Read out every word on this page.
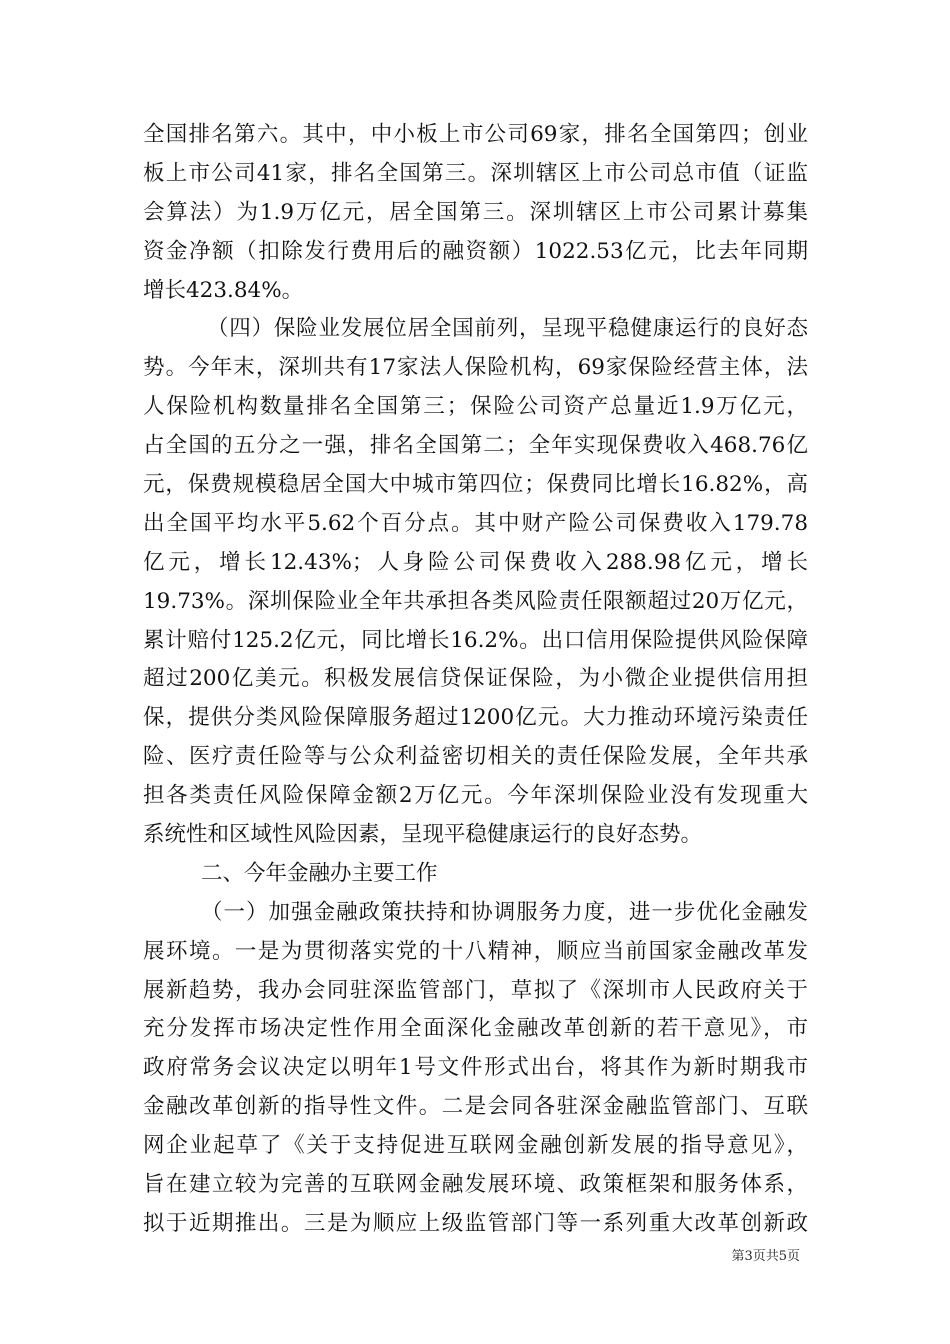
全国排名第六。其中，中小板上市公司69家，排名全国第四；创业
板上市公司41家，排名全国第三。深圳辖区上市公司总市值（证监
会算法）为1.9万亿元，居全国第三。深圳辖区上市公司累计募集
资金净额（扣除发行费用后的融资额）1022.53亿元，比去年同期
增长423.84%。
（四）保险业发展位居全国前列，呈现平稳健康运行的良好态
势。今年末，深圳共有17家法人保险机构，69家保险经营主体，法
人保险机构数量排名全国第三；保险公司资产总量近1.9万亿元，
占全国的五分之一强，排名全国第二；全年实现保费收入468.76亿
元，保费规模稳居全国大中城市第四位；保费同比增长16.82%，高
出全国平均水平5.62个百分点。其中财产险公司保费收入179.78
亿元，增长12.43%；人身险公司保费收入288.98亿元，增长
19.73%。深圳保险业全年共承担各类风险责任限额超过20万亿元，
累计赔付125.2亿元，同比增长16.2%。出口信用保险提供风险保障
超过200亿美元。积极发展信贷保证保险，为小微企业提供信用担
保，提供分类风险保障服务超过1200亿元。大力推动环境污染责任
险、医疗责任险等与公众利益密切相关的责任保险发展，全年共承
担各类责任风险保障金额2万亿元。今年深圳保险业没有发现重大
系统性和区域性风险因素，呈现平稳健康运行的良好态势。
二、今年金融办主要工作
（一）加强金融政策扶持和协调服务力度，进一步优化金融发
展环境。一是为贯彻落实党的十八精神，顺应当前国家金融改革发
展新趋势，我办会同驻深监管部门，草拟了《深圳市人民政府关于
充分发挥市场决定性作用全面深化金融改革创新的若干意见》，市
政府常务会议决定以明年1号文件形式出台，将其作为新时期我市
金融改革创新的指导性文件。二是会同各驻深金融监管部门、互联
网企业起草了《关于支持促进互联网金融创新发展的指导意见》，
旨在建立较为完善的互联网金融发展环境、政策框架和服务体系，
拟于近期推出。三是为顺应上级监管部门等一系列重大改革创新政
第3页共5页
